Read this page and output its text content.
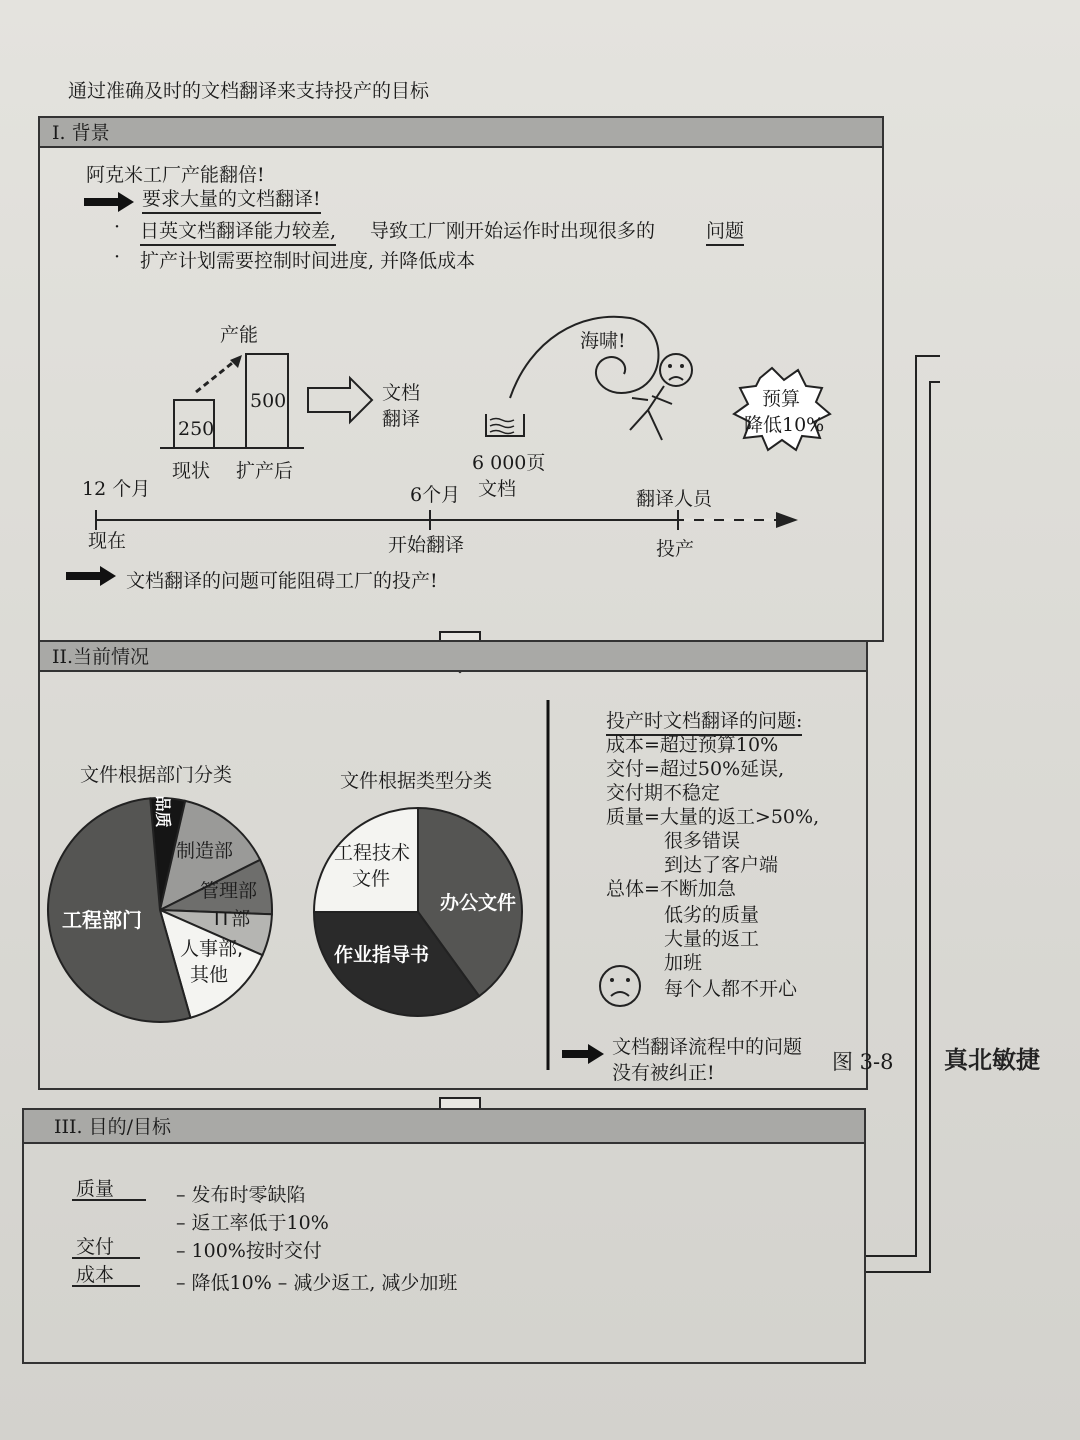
通过准确及时的文档翻译来支持投产的目标
I. 背景
阿克米工厂产能翻倍!
要求大量的文档翻译!
· 日英文档翻译能力较差, 导致工厂刚开始运作时出现很多的	问题
· 扩产计划需要控制时间进度, 并降低成本
产能
250
500
现状 扩产后
文档
翻译
海啸!
6 000页
文档
预算
降低10%
12 个月
现在
6个月
开始翻译
翻译人员
投产
文档翻译的问题可能阻碍工厂的投产!
II.当前情况
文件根据部门分类	文件根据类型分类
品质
制造部
管理部
IT部
人事部,
其他
工程部门
工程技术
文件
办公文件
作业指导书
投产时文档翻译的问题:
成本=超过预算10%
交付=超过50%延误,
交付期不稳定
质量=大量的返工>50%,
很多错误
到达了客户端
总体=不断加急
低劣的质量
大量的返工
加班
每个人都不开心
文档翻译流程中的问题
没有被纠正!
III. 目的/目标
质量	– 发布时零缺陷
– 返工率低于10%
交付	– 100%按时交付
成本	– 降低10% – 减少返工, 减少加班
图 3-8 真北敏捷
